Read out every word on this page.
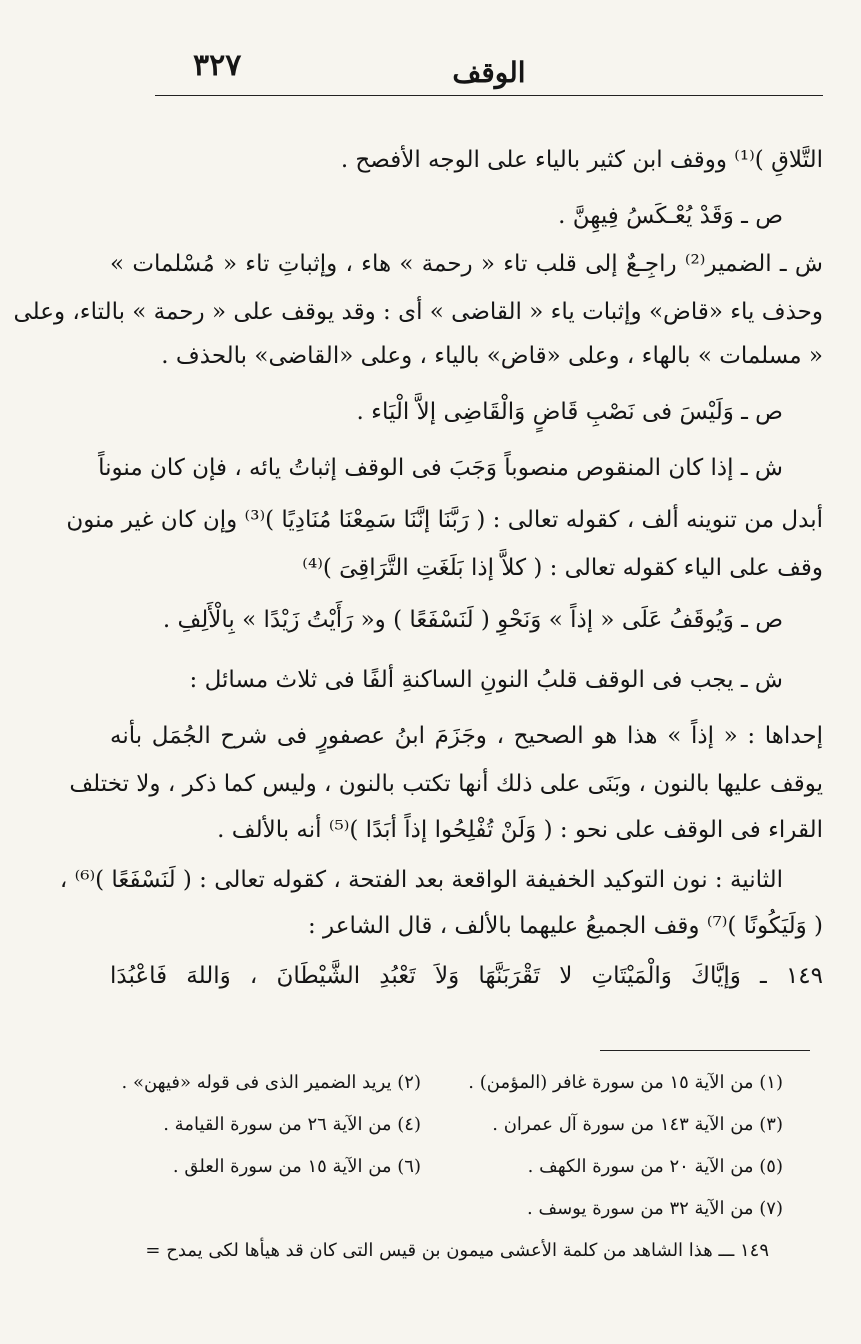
٣٢٧	الوقف
التَّلاقِ )⁽¹⁾ ووقف ابن كثير بالياء على الوجه الأفصح .
ص ـ وَقَدْ يُعْـكَسُ فِيهِنَّ .
ش ـ الضمير⁽²⁾ راجِـعٌ إلى قلب تاء « رحمة » هاء ، وإثباتِ تاء « مُسْلمات »
وحذف ياء «قاض» وإثبات ياء « القاضى » أى : وقد يوقف على « رحمة » بالتاء، وعلى
« مسلمات » بالهاء ، وعلى «قاض» بالياء ، وعلى «القاضى» بالحذف .
ص ـ وَلَيْسَ فى نَصْبِ قَاضٍ وَالْقَاضِى إلاَّ الْيَاء .
ش ـ إذا كان المنقوص منصوباً وَجَبَ فى الوقف إثباتُ يائه ، فإن كان منوناً
أبدل من تنوينه ألف ، كقوله تعالى : ( رَبَّنَا إنَّنَا سَمِعْنَا مُنَادِيًا )⁽³⁾ وإن كان غير منون
وقف على الياء كقوله تعالى : ( كلاَّ إذا بَلَغَتِ التَّرَاقِىَ )⁽⁴⁾
ص ـ وَيُوقَفُ عَلَى « إذاً » وَنَحْوِ ( لَنَسْفَعًا ) و« رَأَيْتُ زَيْدًا » بِالْأَلِفِ .
ش ـ يجب فى الوقف قلبُ النونِ الساكنةِ ألفًا فى ثلاث مسائل :
إحداها : « إذاً » هذا هو الصحيح ، وجَزَمَ ابنُ عصفورٍ فى شرح الجُمَل بأنه
يوقف عليها بالنون ، وبَنَى على ذلك أنها تكتب بالنون ، وليس كما ذكر ، ولا تختلف
القراء فى الوقف على نحو : ( وَلَنْ تُفْلِحُوا إذاً أبَدًا )⁽⁵⁾ أنه بالألف .
الثانية : نون التوكيد الخفيفة الواقعة بعد الفتحة ، كقوله تعالى : ( لَنَسْفَعًا )⁽⁶⁾ ،
( وَلَيَكُونًا )⁽⁷⁾ وقف الجميعُ عليهما بالألف ، قال الشاعر :
١٤٩ ـ وَإيَّاكَ وَالْمَيْتَاتِ لا تَقْرَبَنَّهَا وَلاَ تَعْبُدِ الشَّيْطَانَ ، وَاللهَ فَاعْبُدَا
(١) من الآية ١٥ من سورة غافر (المؤمن) .
(٢) يريد الضمير الذى فى قوله «فيهن» .
(٣) من الآية ١٤٣ من سورة آل عمران .
(٤) من الآية ٢٦ من سورة القيامة .
(٥) من الآية ٢٠ من سورة الكهف .
(٦) من الآية ١٥ من سورة العلق .
(٧) من الآية ٣٢ من سورة يوسف .
١٤٩ ـــ هذا الشاهد من كلمة الأعشى ميمون بن قيس التى كان قد هيأها لكى يمدح =
